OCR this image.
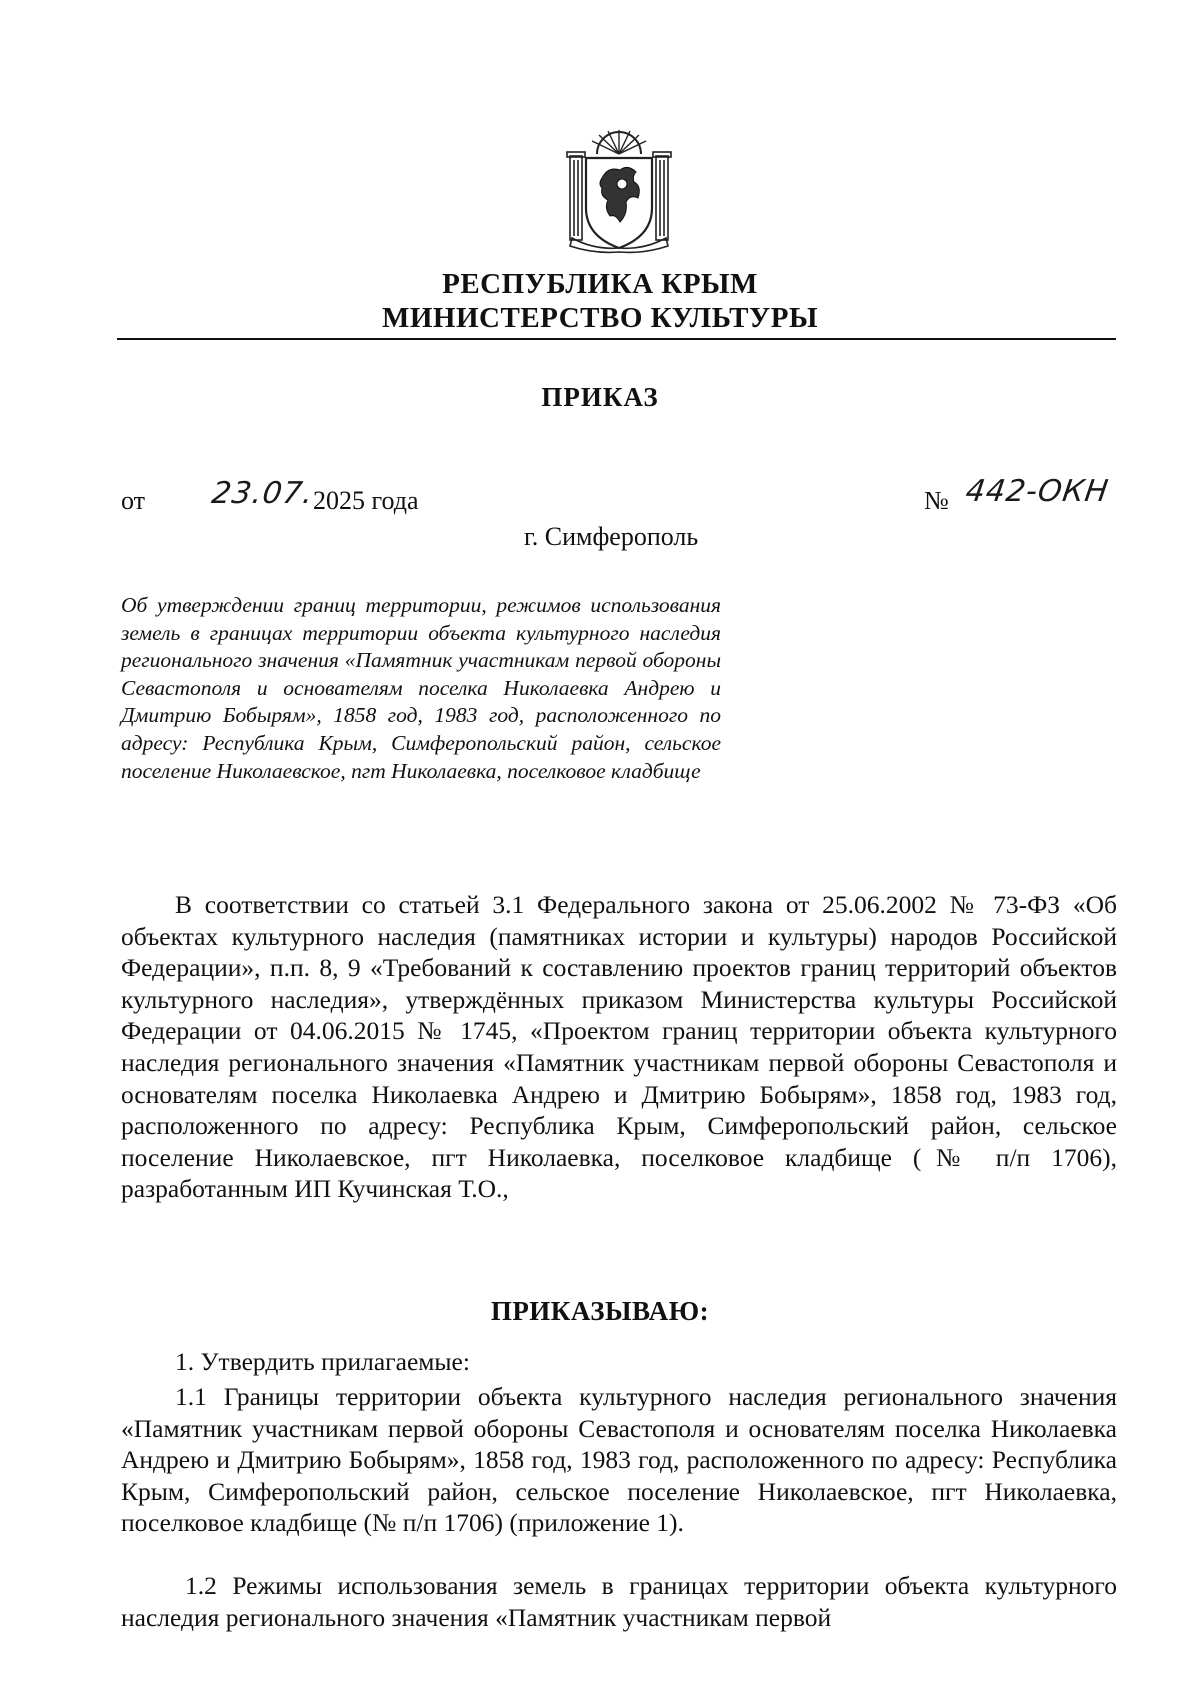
РЕСПУБЛИКА КРЫМ
МИНИСТЕРСТВО КУЛЬТУРЫ
ПРИКАЗ
от 23.07.
2025 года	№ 442-ОКН
г. Симферополь
Об утверждении границ территории, режимов использования земель в границах территории объекта культурного наследия регионального значения «Памятник участникам первой обороны Севастополя и основателям поселка Николаевка Андрею и Дмитрию Бобырям», 1858 год, 1983 год, расположенного по адресу: Республика Крым, Симферопольский район, сельское поселение Николаевское, пгт Николаевка, поселковое кладбище
В соответствии со статьей 3.1 Федерального закона от 25.06.2002 № 73-ФЗ «Об объектах культурного наследия (памятниках истории и культуры) народов Российской Федерации», п.п. 8, 9 «Требований к составлению проектов границ территорий объектов культурного наследия», утверждённых приказом Министерства культуры Российской Федерации от 04.06.2015 № 1745, «Проектом границ территории объекта культурного наследия регионального значения «Памятник участникам первой обороны Севастополя и основателям поселка Николаевка Андрею и Дмитрию Бобырям», 1858 год, 1983 год, расположенного по адресу: Республика Крым, Симферопольский район, сельское поселение Николаевское, пгт Николаевка, поселковое кладбище (№ п/п 1706), разработанным ИП Кучинская Т.О.,
ПРИКАЗЫВАЮ:
1. Утвердить прилагаемые:
1.1 Границы территории объекта культурного наследия регионального значения «Памятник участникам первой обороны Севастополя и основателям поселка Николаевка Андрею и Дмитрию Бобырям», 1858 год, 1983 год, расположенного по адресу: Республика Крым, Симферопольский район, сельское поселение Николаевское, пгт Николаевка, поселковое кладбище (№ п/п 1706) (приложение 1).
1.2 Режимы использования земель в границах территории объекта культурного наследия регионального значения «Памятник участникам первой
